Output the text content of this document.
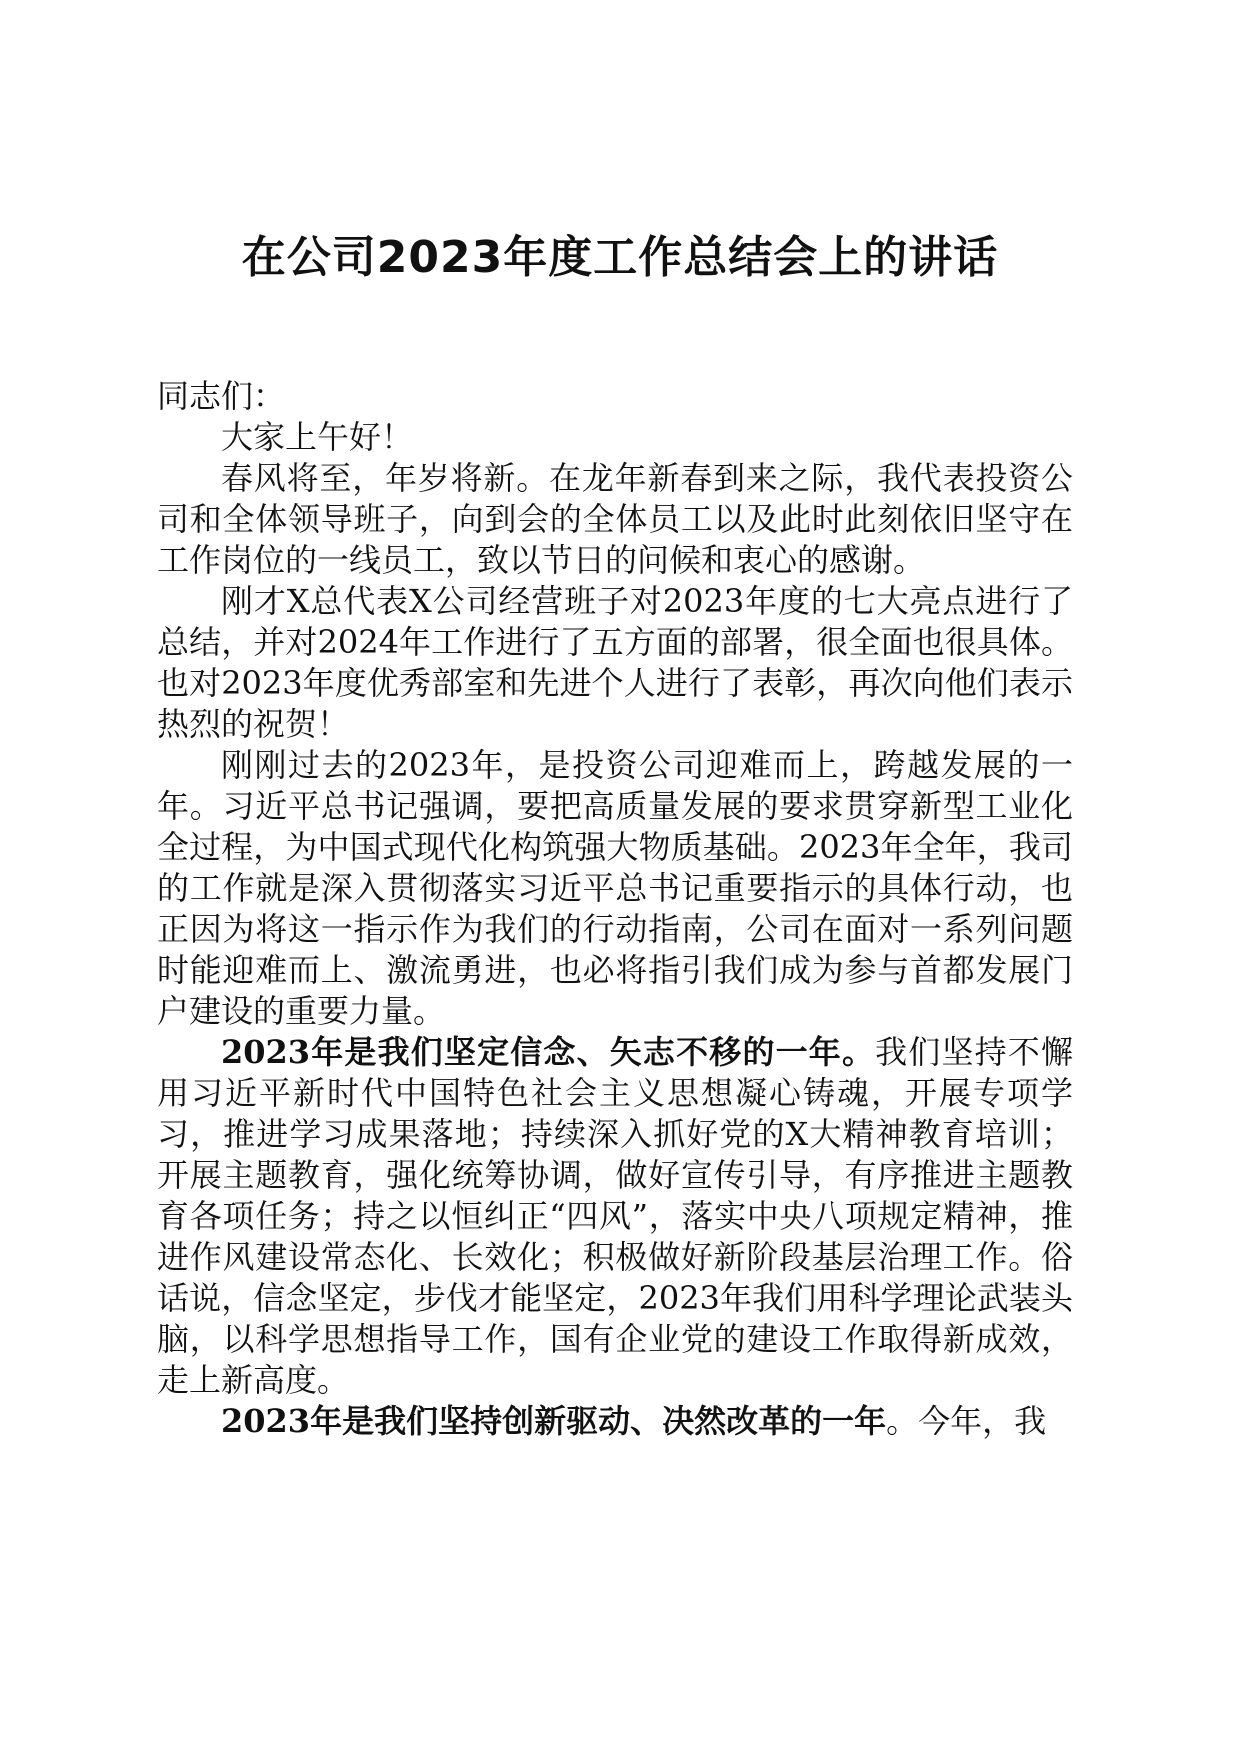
在公司2023年度工作总结会上的讲话

同志们：

大家上午好！

春风将至，年岁将新。在龙年新春到来之际，我代表投资公司和全体领导班子，向到会的全体员工以及此时此刻依旧坚守在工作岗位的一线员工，致以节日的问候和衷心的感谢。

刚才X总代表X公司经营班子对2023年度的七大亮点进行了总结，并对2024年工作进行了五方面的部署，很全面也很具体。也对2023年度优秀部室和先进个人进行了表彰，再次向他们表示热烈的祝贺！

刚刚过去的2023年，是投资公司迎难而上，跨越发展的一年。习近平总书记强调，要把高质量发展的要求贯穿新型工业化全过程，为中国式现代化构筑强大物质基础。2023年全年，我司的工作就是深入贯彻落实习近平总书记重要指示的具体行动，也正因为将这一指示作为我们的行动指南，公司在面对一系列问题时能迎难而上、激流勇进，也必将指引我们成为参与首都发展门户建设的重要力量。

2023年是我们坚定信念、矢志不移的一年。我们坚持不懈用习近平新时代中国特色社会主义思想凝心铸魂，开展专项学习，推进学习成果落地；持续深入抓好党的X大精神教育培训；开展主题教育，强化统筹协调，做好宣传引导，有序推进主题教育各项任务；持之以恒纠正“四风”，落实中央八项规定精神，推进作风建设常态化、长效化；积极做好新阶段基层治理工作。俗话说，信念坚定，步伐才能坚定，2023年我们用科学理论武装头脑，以科学思想指导工作，国有企业党的建设工作取得新成效，走上新高度。

2023年是我们坚持创新驱动、决然改革的一年。今年，我
